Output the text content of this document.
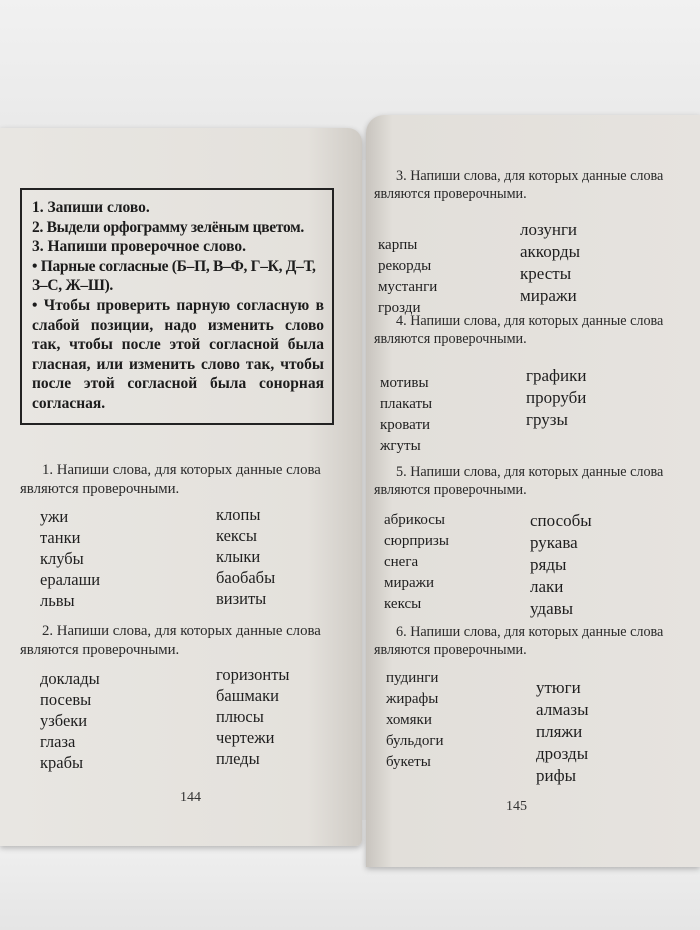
1. Запиши слово.

2. Выдели орфограмму зелёным цветом.

3. Напиши проверочное слово.

• Парные согласные (Б–П, В–Ф, Г–К, Д–Т, З–С, Ж–Ш).

• Чтобы проверить парную согласную в слабой позиции, надо изменить слово так, чтобы после этой согласной была гласная, или изменить слово так, чтобы после этой согласной была сонорная согласная.

1. Напиши слова, для которых данные слова являются проверочными.
ужи
танки
клубы
ералаши
львы
клопы
кексы
клыки
баобабы
визиты
2. Напиши слова, для которых данные слова являются проверочными.
доклады
посевы
узбеки
глаза
крабы
горизонты
башмаки
плюсы
чертежи
пледы
144
3. Напиши слова, для которых данные слова являются проверочными.
карпы
рекорды
мустанги
грозди
лозунги
аккорды
кресты
миражи
4. Напиши слова, для которых данные слова являются проверочными.
мотивы
плакаты
кровати
жгуты
графики
проруби
грузы
5. Напиши слова, для которых данные слова являются проверочными.
абрикосы
сюрпризы
снега
миражи
кексы
способы
рукава
ряды
лаки
удавы
6. Напиши слова, для которых данные слова являются проверочными.
пудинги
жирафы
хомяки
бульдоги
букеты
утюги
алмазы
пляжи
дрозды
рифы
145
